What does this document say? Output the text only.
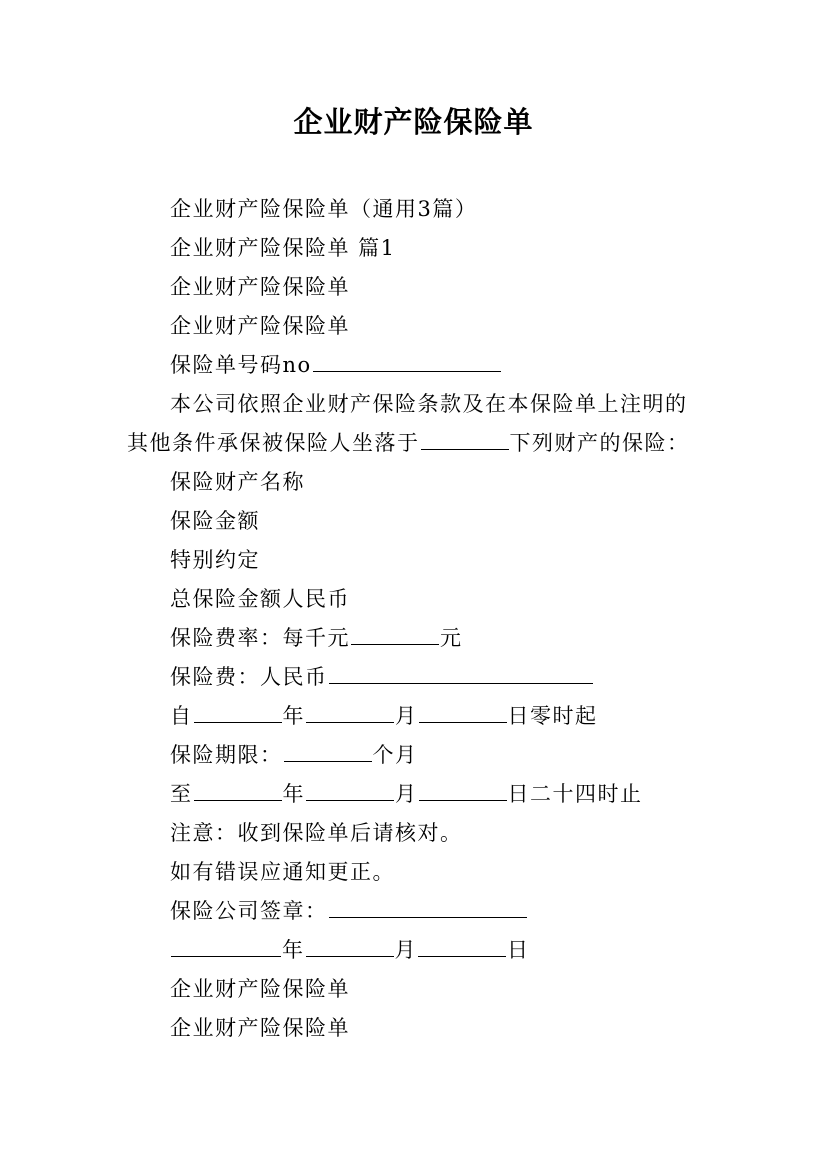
企业财产险保险单
企业财产险保险单（通用3篇）
企业财产险保险单 篇1
企业财产险保险单
企业财产险保险单
保险单号码no
本公司依照企业财产保险条款及在本保险单上注明的
其他条件承保被保险人坐落于	下列财产的保险：
保险财产名称
保险金额
特别约定
总保险金额人民币
保险费率：每千元	元
保险费：人民币
自	年	月	日零时起
保险期限：	个月
至	年	月	日二十四时止
注意：收到保险单后请核对。
如有错误应通知更正。
保险公司签章：
年	月	日
企业财产险保险单
企业财产险保险单
